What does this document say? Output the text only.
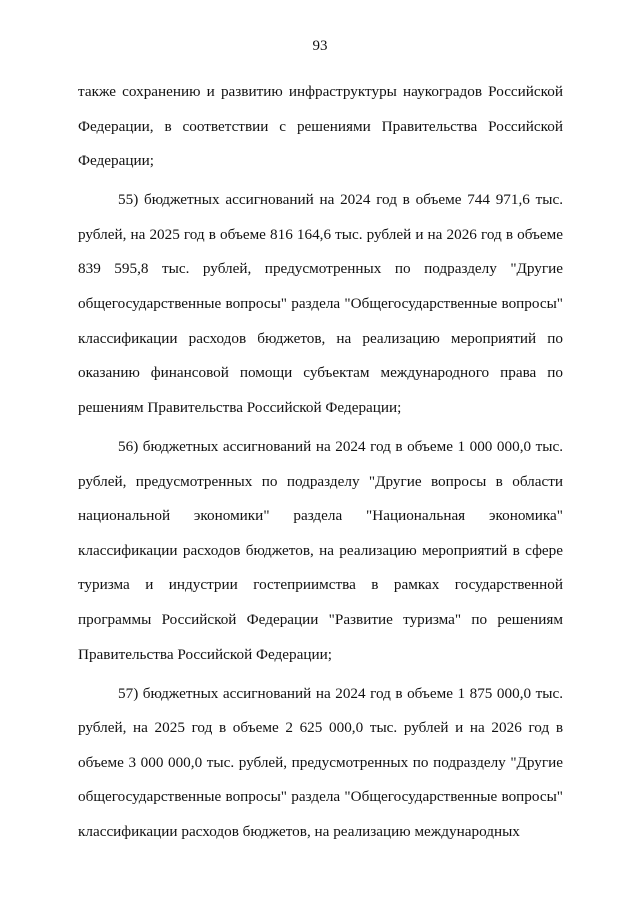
93
также сохранению и развитию инфраструктуры наукоградов Российской
Федерации, в соответствии с решениями Правительства Российской
Федерации;
55) бюджетных ассигнований на 2024 год в объеме 744 971,6 тыс.
рублей, на 2025 год в объеме 816 164,6 тыс. рублей и на 2026 год в объеме
839 595,8 тыс. рублей, предусмотренных по подразделу "Другие
общегосударственные вопросы" раздела "Общегосударственные вопросы"
классификации расходов бюджетов, на реализацию мероприятий по
оказанию финансовой помощи субъектам международного права по
решениям Правительства Российской Федерации;
56) бюджетных ассигнований на 2024 год в объеме 1 000 000,0 тыс.
рублей, предусмотренных по подразделу "Другие вопросы в области
национальной экономики" раздела "Национальная экономика"
классификации расходов бюджетов, на реализацию мероприятий в сфере
туризма и индустрии гостеприимства в рамках государственной
программы Российской Федерации "Развитие туризма" по решениям
Правительства Российской Федерации;
57) бюджетных ассигнований на 2024 год в объеме 1 875 000,0 тыс.
рублей, на 2025 год в объеме 2 625 000,0 тыс. рублей и на 2026 год в
объеме 3 000 000,0 тыс. рублей, предусмотренных по подразделу "Другие
общегосударственные вопросы" раздела "Общегосударственные вопросы"
классификации расходов бюджетов, на реализацию международных
